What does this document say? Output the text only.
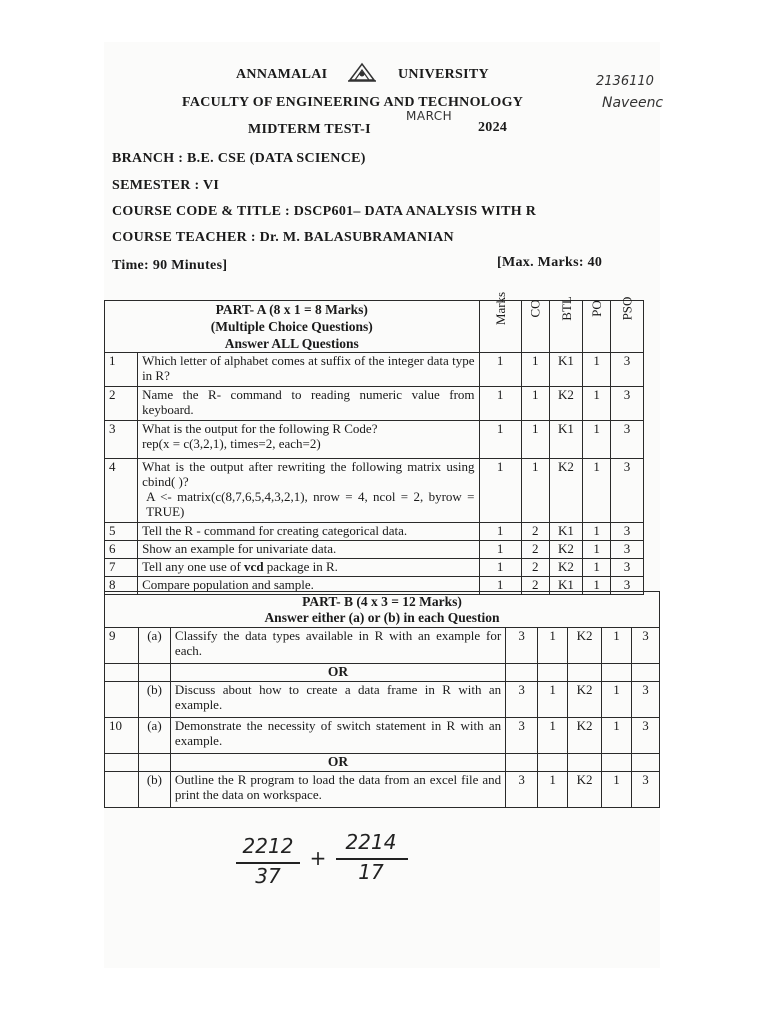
ANNAMALAI	UNIVERSITY	2136110
Naveenc
FACULTY OF ENGINEERING AND TECHNOLOGY
MARCH
MIDTERM TEST-I	2024
BRANCH : B.E. CSE (DATA SCIENCE)
SEMESTER : VI
COURSE CODE & TITLE : DSCP601– DATA ANALYSIS WITH R
COURSE TEACHER : Dr. M. BALASUBRAMANIAN
Time: 90 Minutes]	[Max. Marks: 40
PART- A (8 x 1 = 8 Marks)
(Multiple Choice Questions)
Answer ALL Questions		Marks	CO	BTL	PO	PSO
1	Which letter of alphabet comes at suffix of the integer data type in R?	1	1	K1	1	3
2	Name the R- command to reading numeric value from keyboard.	1	1	K2	1	3
3	What is the output for the following R Code?
rep(x = c(3,2,1), times=2, each=2)	1	1	K1	1	3
4	What is the output after rewriting the following matrix using cbind( )?
A <- matrix(c(8,7,6,5,4,3,2,1), nrow = 4, ncol = 2, byrow = TRUE)	1	1	K2	1	3
5	Tell the R - command for creating categorical data.	1	2	K1	1	3
6	Show an example for univariate data.	1	2	K2	1	3
7	Tell any one use of vcd package in R.	1	2	K2	1	3
8	Compare population and sample.	1	2	K1	1	3
PART- B (4 x 3 = 12 Marks)
Answer either (a) or (b) in each Question							

9	(a)	Classify the data types available in R with an example for each.	3	1	K2	1	3
		OR					
	(b)	Discuss about how to create a data frame in R with an example.	3	1	K2	1	3
10	(a)	Demonstrate the necessity of switch statement in R with an example.	3	1	K2	1	3
		OR					
	(b)	Outline the R program to load the data from an excel file and print the data on workspace.	3	1	K2	1	3
2212
37
+
2214
17
